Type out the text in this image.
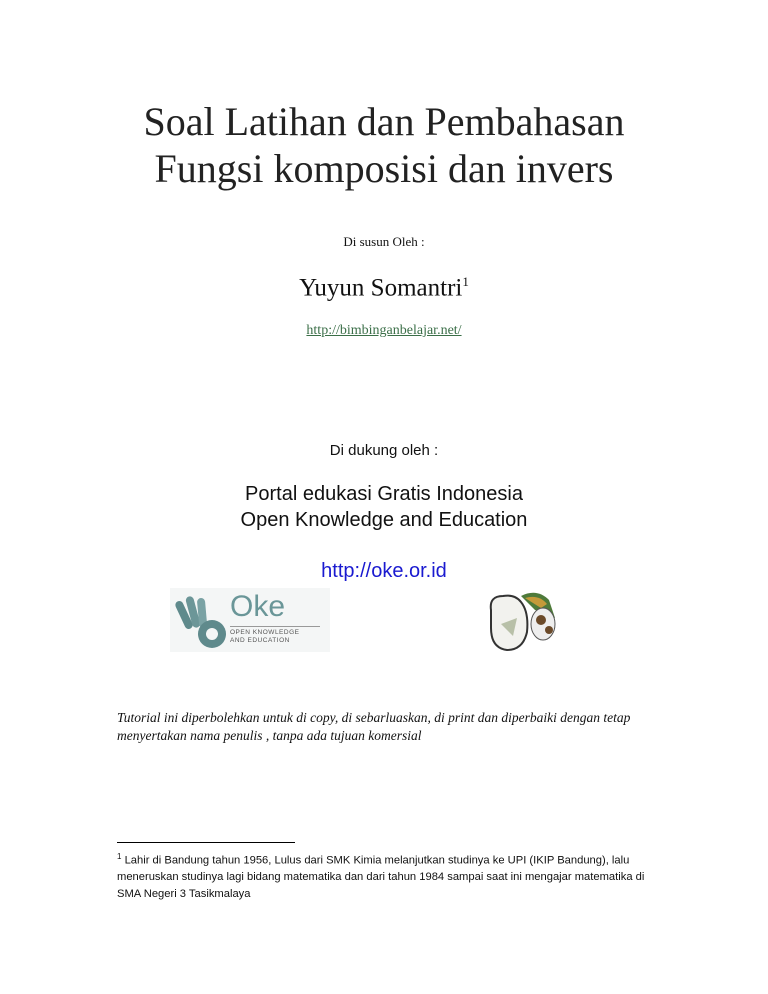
Soal Latihan dan Pembahasan
Fungsi komposisi dan invers
Di susun Oleh :
Yuyun Somantri$^1$
http://bimbinganbelajar.net/
Di dukung oleh :
Portal edukasi Gratis Indonesia
Open Knowledge and Education
http://oke.or.id
Oke
OPEN KNOWLEDGE
AND EDUCATION
Tutorial ini diperbolehkan untuk di copy, di sebarluaskan, di print dan diperbaiki dengan tetap
menyertakan nama penulis , tanpa ada tujuan komersial
$^1$ Lahir di Bandung tahun 1956, Lulus dari SMK Kimia melanjutkan studinya ke UPI (IKIP Bandung), lalu
meneruskan studinya lagi bidang matematika dan dari tahun 1984 sampai saat ini mengajar matematika di
SMA Negeri 3 Tasikmalaya
